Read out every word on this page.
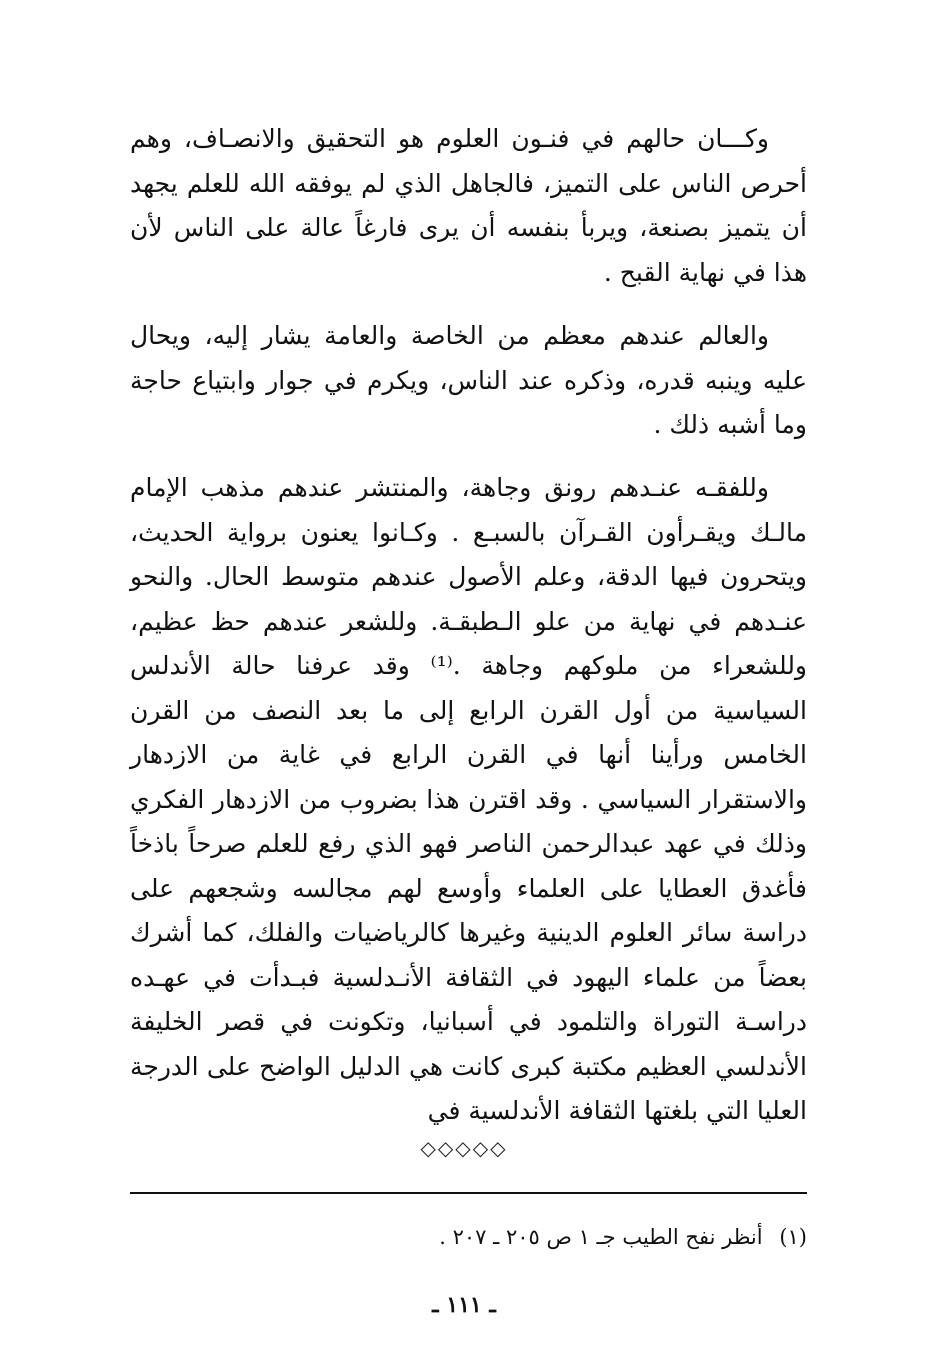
وكـــان حالهم في فنـون العلوم هو التحقيق والانصـاف، وهم أحرص الناس على التميز، فالجاهل الذي لم يوفقه الله للعلم يجهد أن يتميز بصنعة، ويربأ بنفسه أن يرى فارغاً عالة على الناس لأن هذا في نهاية القبح .

والعالم عندهم معظم من الخاصة والعامة يشار إليه، ويحال عليه وينبه قدره، وذكره عند الناس، ويكرم في جوار وابتياع حاجة وما أشبه ذلك .

وللفقـه عنـدهم رونق وجاهة، والمنتشر عندهم مذهب الإمام مالـك ويقـرأون القـرآن بالسبـع . وكـانوا يعنون برواية الحديث، ويتحرون فيها الدقة، وعلم الأصول عندهم متوسط الحال. والنحو عنـدهم في نهاية من علو الـطبقـة. وللشعر عندهم حظ عظيم، وللشعراء من ملوكهم وجاهة .⁽¹⁾ وقد عرفنا حالة الأندلس السياسية من أول القرن الرابع إلى ما بعد النصف من القرن الخامس ورأينا أنها في القرن الرابع في غاية من الازدهار والاستقرار السياسي . وقد اقترن هذا بضروب من الازدهار الفكري وذلك في عهد عبدالرحمن الناصر فهو الذي رفع للعلم صرحاً باذخاً فأغدق العطايا على العلماء وأوسع لهم مجالسه وشجعهم على دراسة سائر العلوم الدينية وغيرها كالرياضيات والفلك، كما أشرك بعضاً من علماء اليهود في الثقافة الأنـدلسية فبـدأت في عهـده دراسـة التوراة والتلمود في أسبانيا، وتكونت في قصر الخليفة الأندلسي العظيم مكتبة كبرى كانت هي الدليل الواضح على الدرجة العليا التي بلغتها الثقافة الأندلسية في

◇◇◇◇◇
(١) أنظر نفح الطيب جـ ١ ص ٢٠٥ ـ ٢٠٧ .
ـ ١١١ ـ
